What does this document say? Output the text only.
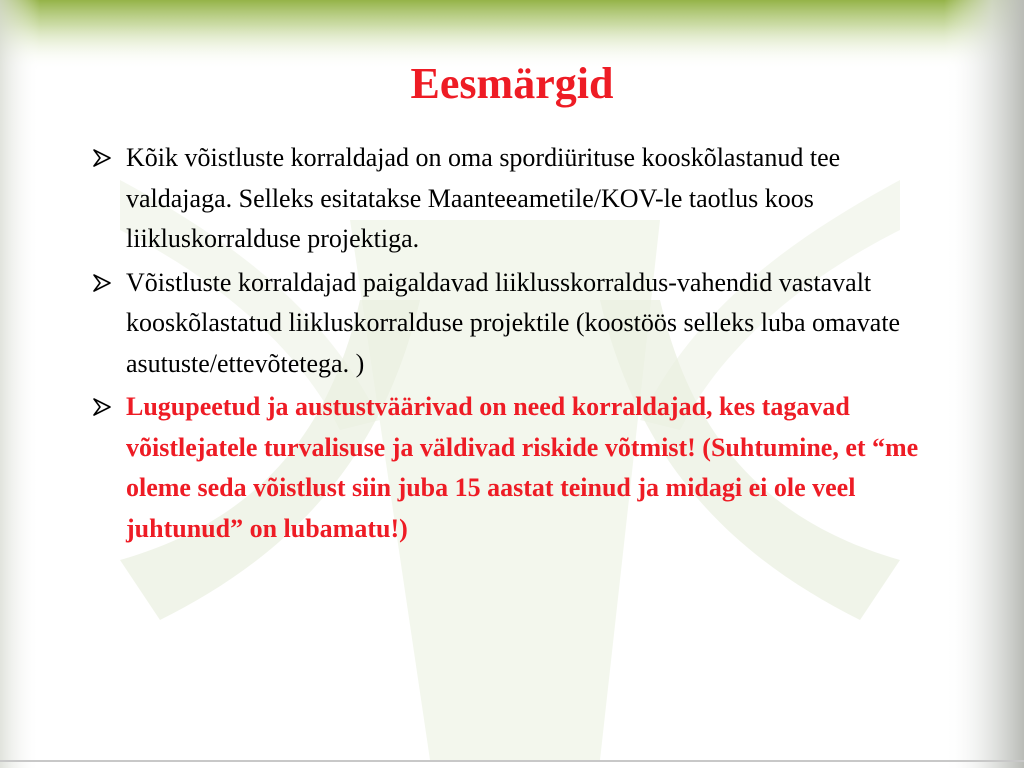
Eesmärgid
Kõik võistluste korraldajad on oma spordiürituse kooskõlastanud tee valdajaga. Selleks esitatakse Maanteeametile/KOV-le taotlus koos liikluskorralduse projektiga.
Võistluste korraldajad paigaldavad liiklusskorraldus-vahendid vastavalt kooskõlastatud liikluskorralduse projektile (koostöös selleks luba omavate asutuste/ettevõtetega. )
Lugupeetud ja austustväärivad on need korraldajad, kes tagavad võistlejatele turvalisuse ja väldivad riskide võtmist! (Suhtumine, et “me oleme seda võistlust siin juba 15 aastat teinud ja midagi ei ole veel juhtunud” on lubamatu!)
